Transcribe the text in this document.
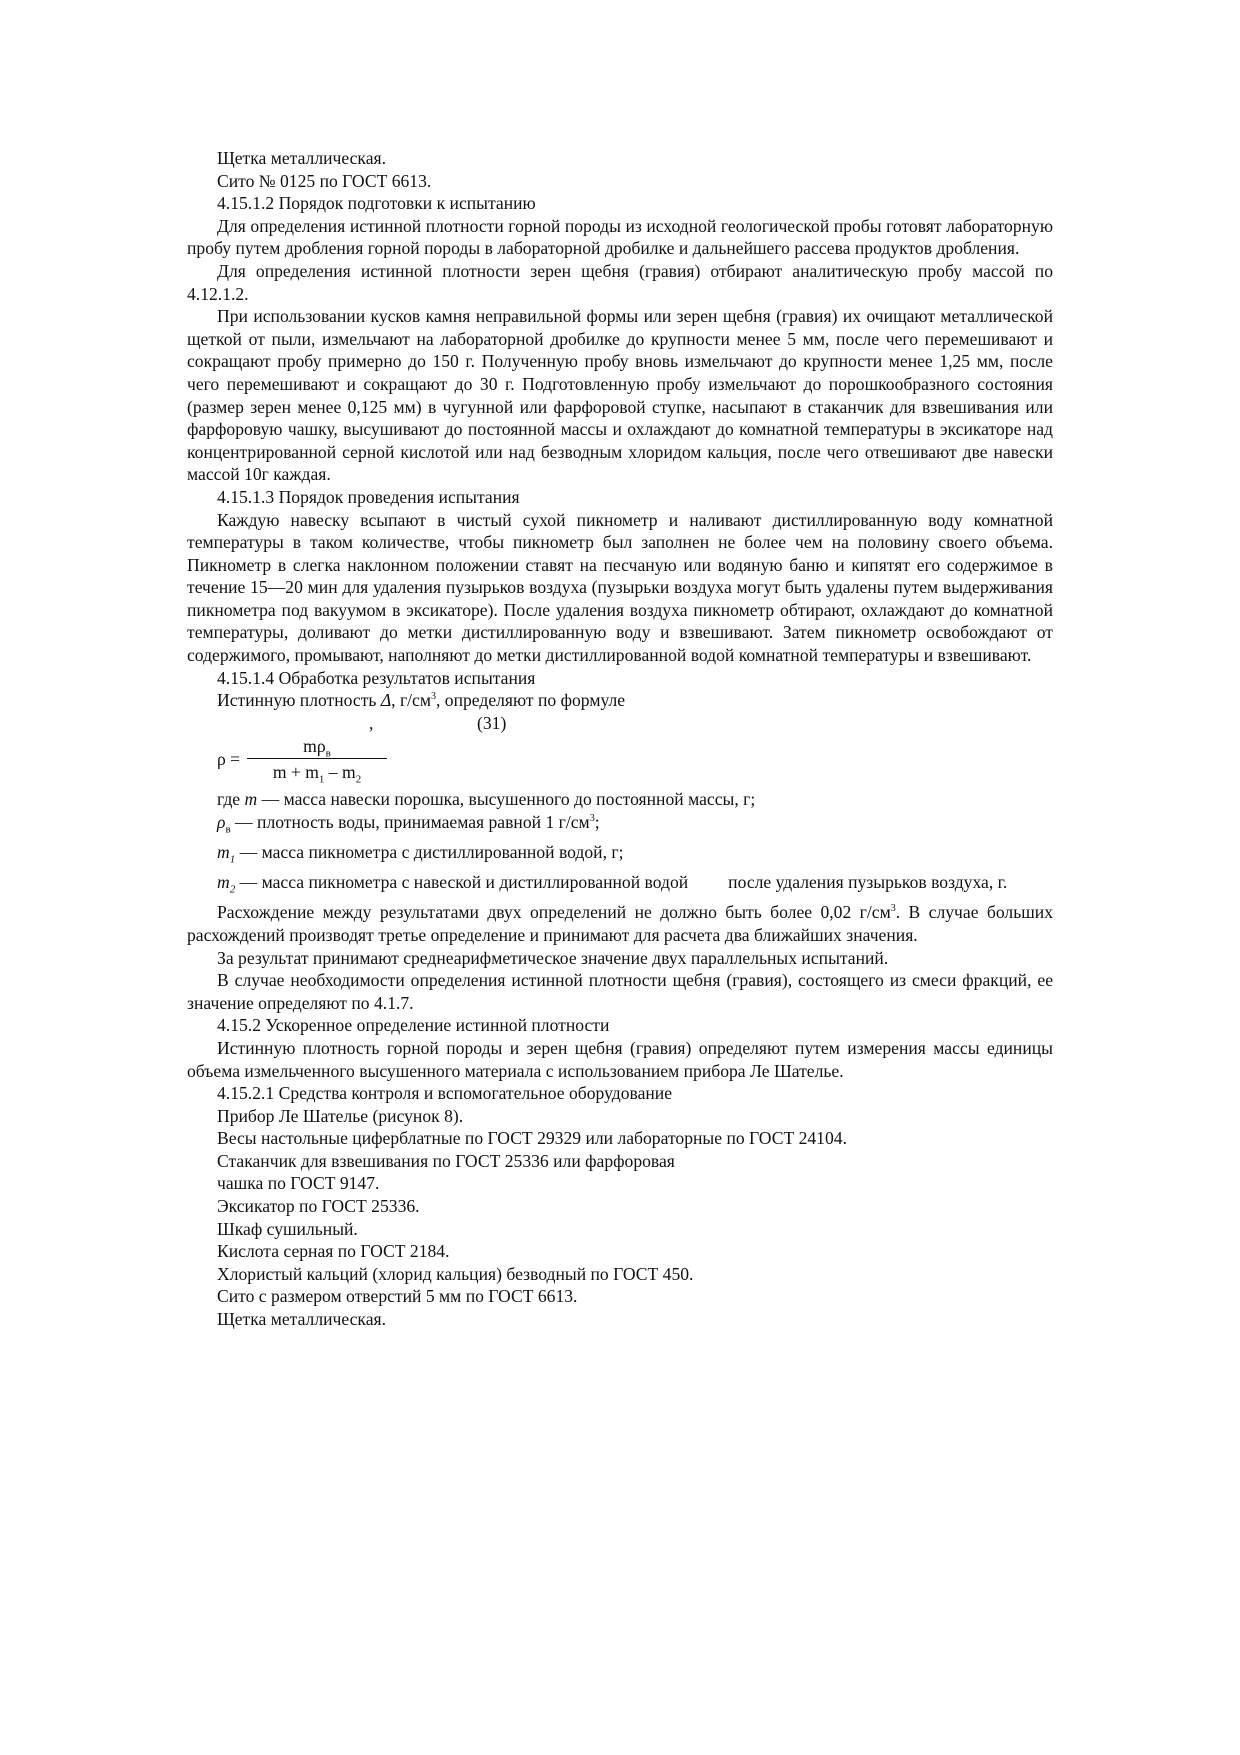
Щетка металлическая.

Сито № 0125 по ГОСТ 6613.

4.15.1.2 Порядок подготовки к испытанию

Для определения истинной плотности горной породы из исходной геологической пробы готовят лабораторную пробу путем дробления горной породы в лабораторной дробилке и дальнейшего рассева продуктов дробления.

Для определения истинной плотности зерен щебня (гравия) отбирают аналитическую пробу массой по 4.12.1.2.

При использовании кусков камня неправильной формы или зерен щебня (гравия) их очищают металлической щеткой от пыли, измельчают на лабораторной дробилке до крупности менее 5 мм, после чего перемешивают и сокращают пробу примерно до 150 г. Полученную пробу вновь измельчают до крупности менее 1,25 мм, после чего перемешивают и сокращают до 30 г. Подготовленную пробу измельчают до порошкообразного состояния (размер зерен менее 0,125 мм) в чугунной или фарфоровой ступке, насыпают в стаканчик для взвешивания или фарфоровую чашку, высушивают до постоянной массы и охлаждают до комнатной температуры в эксикаторе над концентрированной серной кислотой или над безводным хлоридом кальция, после чего отвешивают две навески массой 10г каждая.

4.15.1.3 Порядок проведения испытания

Каждую навеску всыпают в чистый сухой пикнометр и наливают дистиллированную воду комнатной температуры в таком количестве, чтобы пикнометр был заполнен не более чем на половину своего объема. Пикнометр в слегка наклонном положении ставят на песчаную или водяную баню и кипятят его содержимое в течение 15—20 мин для удаления пузырьков воздуха (пузырьки воздуха могут быть удалены путем выдерживания пикнометра под вакуумом в эксикаторе). После удаления воздуха пикнометр обтирают, охлаждают до комнатной температуры, доливают до метки дистиллированную воду и взвешивают. Затем пикнометр освобождают от содержимого, промывают, наполняют до метки дистиллированной водой комнатной температуры и взвешивают.

4.15.1.4 Обработка результатов испытания

Истинную плотность Δ, $г/см^3$, определяют по формуле

,	(31)
ρ =
$m\rho_в$
$m + m_1 - m_2$

где m — масса навески порошка, высушенного до постоянной массы, г;

$\rho_в$ — плотность воды, принимаемая равной 1 $г/см^3$;

$m_1$ — масса пикнометра с дистиллированной водой, г;

$m_2$ — масса пикнометра с навеской и дистиллированной водой после удаления пузырьков воздуха, г.

Расхождение между результатами двух определений не должно быть более 0,02 $г/см^3$. В случае больших расхождений производят третье определение и принимают для расчета два ближайших значения.

За результат принимают среднеарифметическое значение двух параллельных испытаний.

В случае необходимости определения истинной плотности щебня (гравия), состоящего из смеси фракций, ее значение определяют по 4.1.7.

4.15.2 Ускоренное определение истинной плотности

Истинную плотность горной породы и зерен щебня (гравия) определяют путем измерения массы единицы объема измельченного высушенного материала с использованием прибора Ле Шателье.

4.15.2.1 Средства контроля и вспомогательное оборудование

Прибор Ле Шателье (рисунок 8).

Весы настольные циферблатные по ГОСТ 29329 или лабораторные по ГОСТ 24104.

Стаканчик для взвешивания по ГОСТ 25336 или фарфоровая

чашка по ГОСТ 9147.

Эксикатор по ГОСТ 25336.

Шкаф сушильный.

Кислота серная по ГОСТ 2184.

Хлористый кальций (хлорид кальция) безводный по ГОСТ 450.

Сито с размером отверстий 5 мм по ГОСТ 6613.

Щетка металлическая.
